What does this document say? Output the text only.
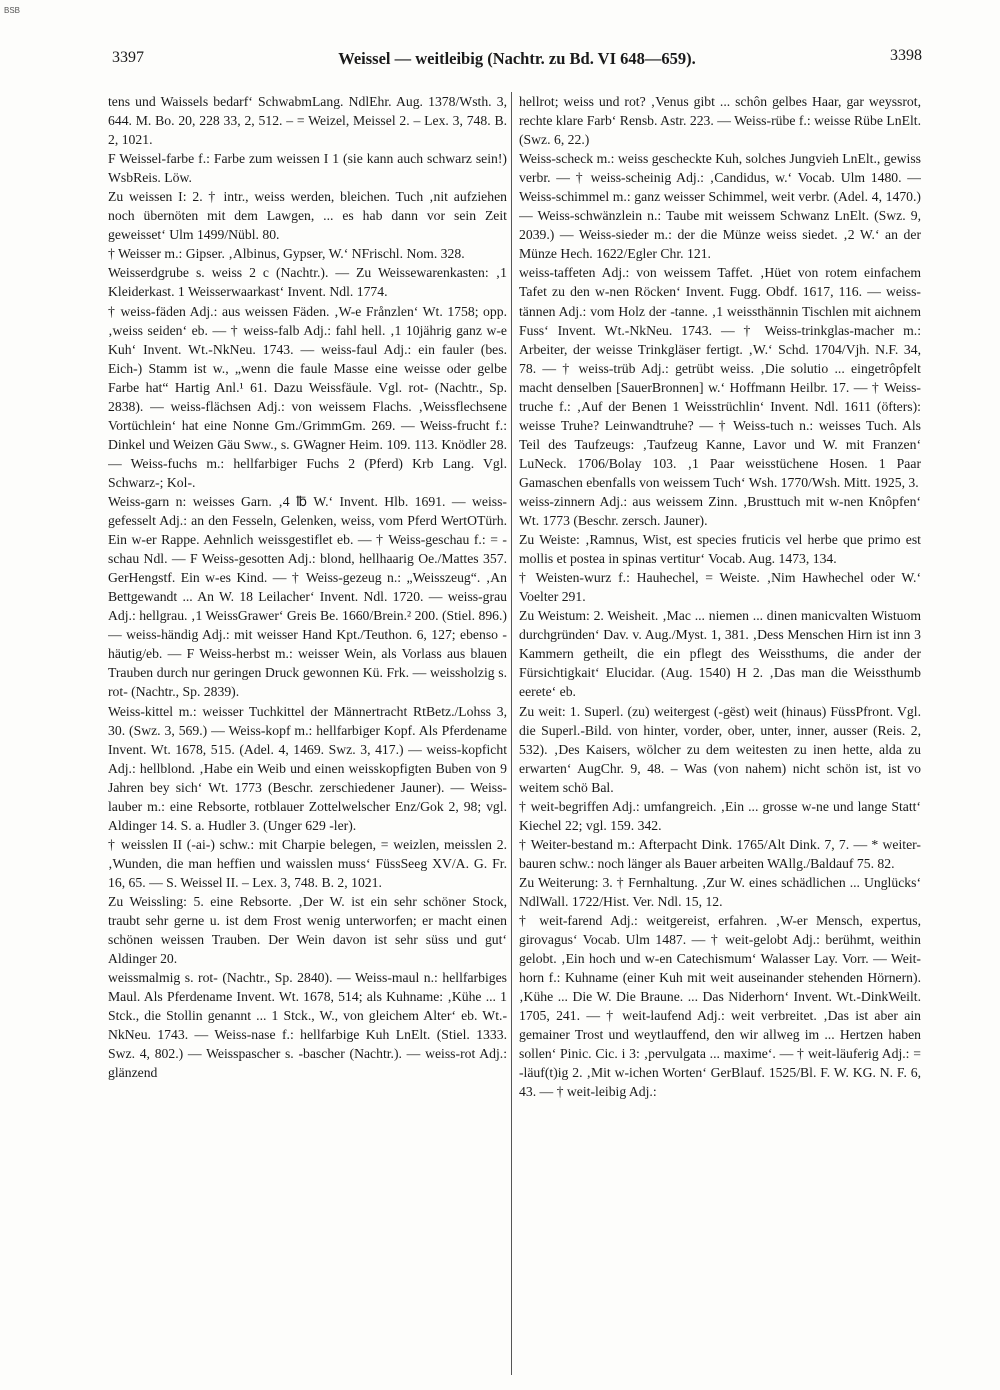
BSB
3397	Weissel — weitleibig (Nachtr. zu Bd. VI 648—659).	3398

tens und Waissels bedarf‘ SchwabmLang. NdlEhr. Aug. 1378/Wsth. 3, 644. M. Bo. 20, 228 33, 2, 512. – = Weizel, Meissel 2. – Lex. 3, 748. B. 2, 1021.

F Weissel-farbe f.: Farbe zum weissen I 1 (sie kann auch schwarz sein!) WsbReis. Löw.

Zu weissen I: 2. † intr., weiss werden, bleichen. Tuch ‚nit aufziehen noch übernöten mit dem Lawgen, ... es hab dann vor sein Zeit geweisset‘ Ulm 1499/Nübl. 80.

† Weisser m.: Gipser. ‚Albinus, Gypser, W.‘ NFrischl. Nom. 328.

Weisserdgrube s. weiss 2 c (Nachtr.). — Zu Weissewarenkasten: ‚1 Kleiderkast. 1 Weisserwaarkast‘ Invent. Ndl. 1774.

† weiss-fäden Adj.: aus weissen Fäden. ‚W-e Frånzlen‘ Wt. 1758; opp. ‚weiss seiden‘ eb. — † weiss-falb Adj.: fahl hell. ‚1 10jährig ganz w-e Kuh‘ Invent. Wt.-NkNeu. 1743. — weiss-faul Adj.: ein fauler (bes. Eich-) Stamm ist w., „wenn die faule Masse eine weisse oder gelbe Farbe hat“ Hartig Anl.¹ 61. Dazu Weissfäule. Vgl. rot- (Nachtr., Sp. 2838). — weiss-flächsen Adj.: von weissem Flachs. ‚Weissflechsene Vortüchlein‘ hat eine Nonne Gm./GrimmGm. 269. — Weiss-frucht f.: Dinkel und Weizen Gäu Sww., s. GWagner Heim. 109. 113. Knödler 28. — Weiss-fuchs m.: hellfarbiger Fuchs 2 (Pferd) Krb Lang. Vgl. Schwarz-; Kol-.

Weiss-garn n: weisses Garn. ‚4 ℔ W.‘ Invent. Hlb. 1691. — weiss-gefesselt Adj.: an den Fesseln, Gelenken, weiss, vom Pferd WertOTürh. Ein w-er Rappe. Aehnlich weissgestiflet eb. — † Weiss-geschau f.: = -schau Ndl. — F Weiss-gesotten Adj.: blond, hellhaarig Oe./Mattes 357. GerHengstf. Ein w-es Kind. — † Weiss-gezeug n.: „Weisszeug“. ‚An Bettgewandt ... An W. 18 Leilacher‘ Invent. Ndl. 1720. — weiss-grau Adj.: hellgrau. ‚1 WeissGrawer‘ Greis Be. 1660/Brein.² 200. (Stiel. 896.) — weiss-händig Adj.: mit weisser Hand Kpt./Teuthon. 6, 127; ebenso -häutig/eb. — F Weiss-herbst m.: weisser Wein, als Vorlass aus blauen Trauben durch nur geringen Druck gewonnen Kü. Frk. — weissholzig s. rot- (Nachtr., Sp. 2839).

Weiss-kittel m.: weisser Tuchkittel der Männertracht RtBetz./Lohss 3, 30. (Swz. 3, 569.) — Weiss-kopf m.: hellfarbiger Kopf. Als Pferdename Invent. Wt. 1678, 515. (Adel. 4, 1469. Swz. 3, 417.) — weiss-kopficht Adj.: hellblond. ‚Habe ein Weib und einen weisskopfigten Buben von 9 Jahren bey sich‘ Wt. 1773 (Beschr. zerschiedener Jauner). — Weiss-lauber m.: eine Rebsorte, rotblauer Zottelwelscher Enz/Gok 2, 98; vgl. Aldinger 14. S. a. Hudler 3. (Unger 629 -ler).

† weisslen II (-ai-) schw.: mit Charpie belegen, = weizlen, meisslen 2. ‚Wunden, die man heffien und waisslen muss‘ FüssSeeg XV/A. G. Fr. 16, 65. — S. Weissel II. – Lex. 3, 748. B. 2, 1021.

Zu Weissling: 5. eine Rebsorte. ‚Der W. ist ein sehr schöner Stock, traubt sehr gerne u. ist dem Frost wenig unterworfen; er macht einen schönen weissen Trauben. Der Wein davon ist sehr süss und gut‘ Aldinger 20.

weissmalmig s. rot- (Nachtr., Sp. 2840). — Weiss-maul n.: hellfarbiges Maul. Als Pferdename Invent. Wt. 1678, 514; als Kuhname: ‚Kühe ... 1 Stck., die Stollin genannt ... 1 Stck., W., von gleichem Alter‘ eb. Wt.-NkNeu. 1743. — Weiss-nase f.: hellfarbige Kuh LnElt. (Stiel. 1333. Swz. 4, 802.) — Weisspascher s. -bascher (Nachtr.). — weiss-rot Adj.: glänzend

hellrot; weiss und rot? ‚Venus gibt ... schôn gelbes Haar, gar weyssrot, rechte klare Farb‘ Rensb. Astr. 223. — Weiss-rübe f.: weisse Rübe LnElt. (Swz. 6, 22.)

Weiss-scheck m.: weiss gescheckte Kuh, solches Jungvieh LnElt., gewiss verbr. — † weiss-scheinig Adj.: ‚Candidus, w.‘ Vocab. Ulm 1480. — Weiss-schimmel m.: ganz weisser Schimmel, weit verbr. (Adel. 4, 1470.) — Weiss-schwänzlein n.: Taube mit weissem Schwanz LnElt. (Swz. 9, 2039.) — Weiss-sieder m.: der die Münze weiss siedet. ‚2 W.‘ an der Münze Hech. 1622/Egler Chr. 121.

weiss-taffeten Adj.: von weissem Taffet. ‚Hüet von rotem einfachem Tafet zu den w-nen Röcken‘ Invent. Fugg. Obdf. 1617, 116. — weiss-tännen Adj.: vom Holz der -tanne. ‚1 weissthännin Tischlen mit aichnem Fuss‘ Invent. Wt.-NkNeu. 1743. — † Weiss-trinkglas-macher m.: Arbeiter, der weisse Trinkgläser fertigt. ‚W.‘ Schd. 1704/Vjh. N.F. 34, 78. — † weiss-trüb Adj.: getrübt weiss. ‚Die solutio ... eingetrôpfelt macht denselben [SauerBronnen] w.‘ Hoffmann Heilbr. 17. — † Weiss-truche f.: ‚Auf der Benen 1 Weisstrüchlin‘ Invent. Ndl. 1611 (öfters): weisse Truhe? Leinwandtruhe? — † Weiss-tuch n.: weisses Tuch. Als Teil des Taufzeugs: ‚Taufzeug Kanne, Lavor und W. mit Franzen‘ LuNeck. 1706/Bolay 103. ‚1 Paar weisstüchene Hosen. 1 Paar Gamaschen ebenfalls von weissem Tuch‘ Wsh. 1770/Wsh. Mitt. 1925, 3.

weiss-zinnern Adj.: aus weissem Zinn. ‚Brusttuch mit w-nen Knôpfen‘ Wt. 1773 (Beschr. zersch. Jauner).

Zu Weiste: ‚Ramnus, Wist, est species fruticis vel herbe que primo est mollis et postea in spinas vertitur‘ Vocab. Aug. 1473, 134.

† Weisten-wurz f.: Hauhechel, = Weiste. ‚Nim Hawhechel oder W.‘ Voelter 291.

Zu Weistum: 2. Weisheit. ‚Mac ... niemen ... dinen manicvalten Wistuom durchgründen‘ Dav. v. Aug./Myst. 1, 381. ‚Dess Menschen Hirn ist inn 3 Kammern getheilt, die ein pflegt des Weissthums, die ander der Fürsichtigkait‘ Elucidar. (Aug. 1540) H 2. ‚Das man die Weissthumb eerete‘ eb.

Zu weit: 1. Superl. (zu) weitergest (-gëst) weit (hinaus) FüssPfront. Vgl. die Superl.-Bild. von hinter, vorder, ober, unter, inner, ausser (Reis. 2, 532). ‚Des Kaisers, wölcher zu dem weitesten zu inen hette, alda zu erwarten‘ AugChr. 9, 48. – Was (von nahem) nicht schön ist, ist vo weitem schö Bal.

† weit-begriffen Adj.: umfangreich. ‚Ein ... grosse w-ne und lange Statt‘ Kiechel 22; vgl. 159. 342.

† Weiter-bestand m.: Afterpacht Dink. 1765/Alt Dink. 7, 7. — * weiter-bauren schw.: noch länger als Bauer arbeiten WAllg./Baldauf 75. 82.

Zu Weiterung: 3. † Fernhaltung. ‚Zur W. eines schädlichen ... Unglücks‘ NdlWall. 1722/Hist. Ver. Ndl. 15, 12.

† weit-farend Adj.: weitgereist, erfahren. ‚W-er Mensch, expertus, girovagus‘ Vocab. Ulm 1487. — † weit-gelobt Adj.: berühmt, weithin gelobt. ‚Ein hoch und w-en Catechismum‘ Walasser Lay. Vorr. — Weit-horn f.: Kuhname (einer Kuh mit weit auseinander stehenden Hörnern). ‚Kühe ... Die W. Die Braune. ... Das Niderhorn‘ Invent. Wt.-DinkWeilt. 1705, 241. — † weit-laufend Adj.: weit verbreitet. ‚Das ist aber ain gemainer Trost und weytlauffend, den wir allweg im ... Hertzen haben sollen‘ Pinic. Cic. i 3: ‚pervulgata ... maxime‘. — † weit-läuferig Adj.: = -läuf(t)ig 2. ‚Mit w-ichen Worten‘ GerBlauf. 1525/Bl. F. W. KG. N. F. 6, 43. — † weit-leibig Adj.:
